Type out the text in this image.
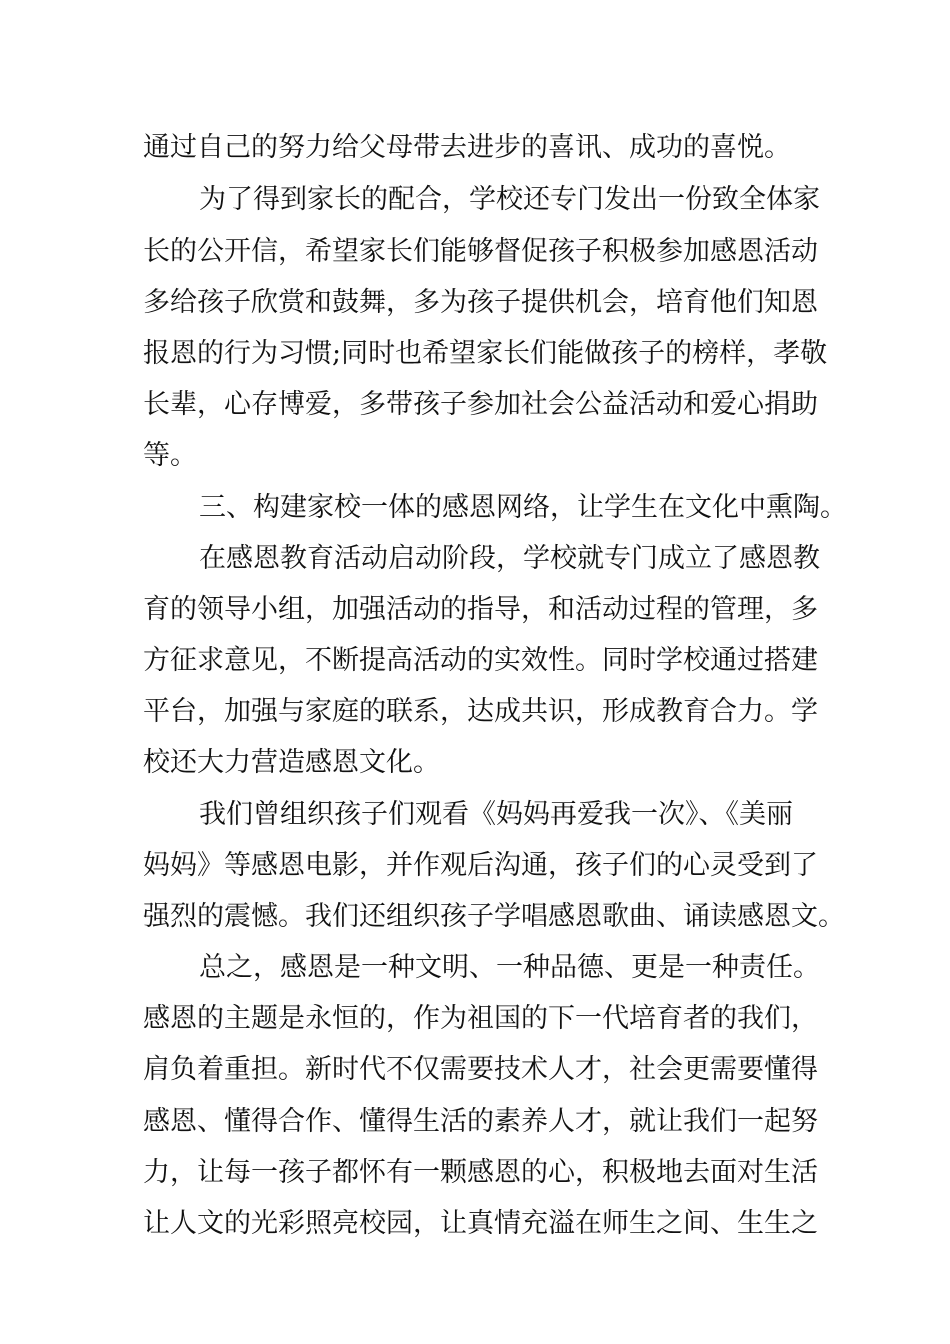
通过自己的努力给父母带去进步的喜讯、成功的喜悦。
为了得到家长的配合，学校还专门发出一份致全体家
长的公开信，希望家长们能够督促孩子积极参加感恩活动
多给孩子欣赏和鼓舞，多为孩子提供机会，培育他们知恩
报恩的行为习惯;同时也希望家长们能做孩子的榜样，孝敬
长辈，心存博爱，多带孩子参加社会公益活动和爱心捐助
等。
三、构建家校一体的感恩网络，让学生在文化中熏陶。
在感恩教育活动启动阶段，学校就专门成立了感恩教
育的领导小组，加强活动的指导，和活动过程的管理，多
方征求意见，不断提高活动的实效性。同时学校通过搭建
平台，加强与家庭的联系，达成共识，形成教育合力。学
校还大力营造感恩文化。
我们曾组织孩子们观看《妈妈再爱我一次》、《美丽
妈妈》等感恩电影，并作观后沟通，孩子们的心灵受到了
强烈的震憾。我们还组织孩子学唱感恩歌曲、诵读感恩文。
总之，感恩是一种文明、一种品德、更是一种责任。
感恩的主题是永恒的，作为祖国的下一代培育者的我们，
肩负着重担。新时代不仅需要技术人才，社会更需要懂得
感恩、懂得合作、懂得生活的素养人才，就让我们一起努
力，让每一孩子都怀有一颗感恩的心，积极地去面对生活
让人文的光彩照亮校园，让真情充溢在师生之间、生生之
